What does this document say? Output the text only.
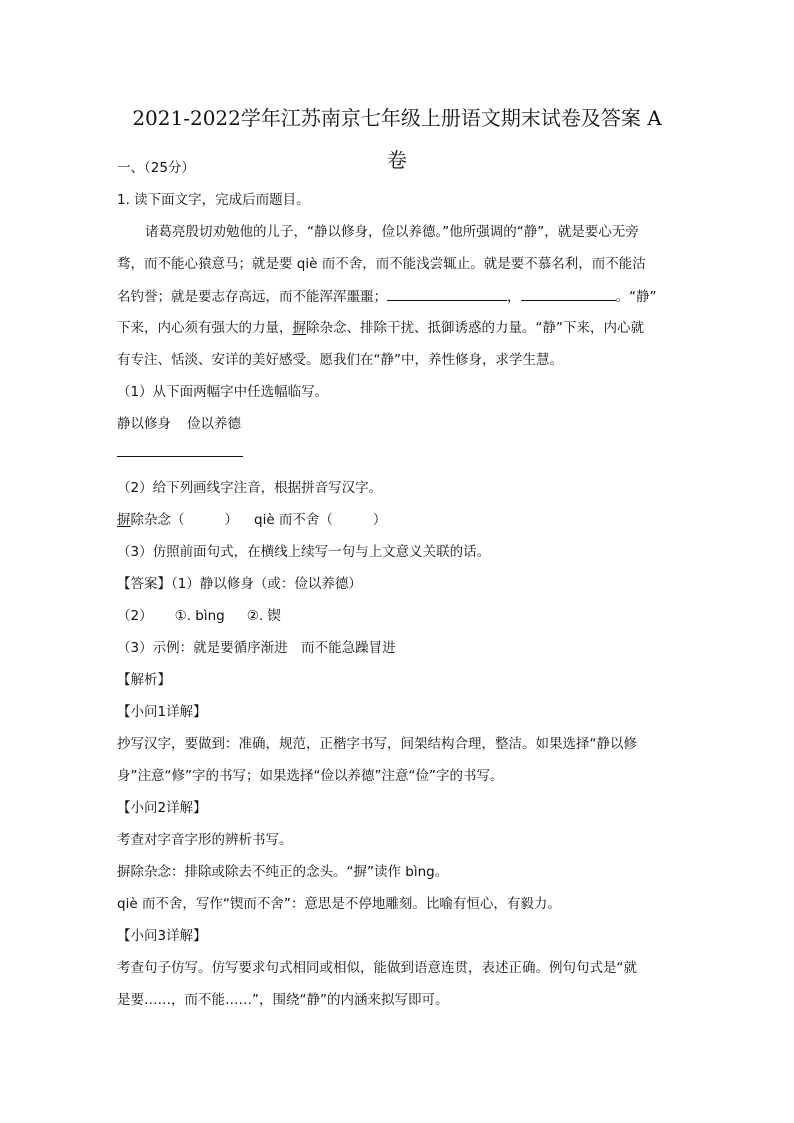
2021-2022学年江苏南京七年级上册语文期末试卷及答案 A
卷
一、（25分）
1. 读下面文字，完成后而题目。
诸葛亮殷切劝勉他的儿子，“静以修身，俭以养德。”他所强调的“静”，就是要心无旁
骛，而不能心猿意马；就是要 qiè 而不舍，而不能浅尝辄止。就是要不慕名利，而不能沽
名钓誉；就是要志存高远，而不能浑浑噩噩；	，	。“静”
下来，内心须有强大的力量，摒除杂念、排除干扰、抵御诱惑的力量。“静”下来，内心就
有专注、恬淡、安详的美好感受。愿我们在“静”中，养性修身，求学生慧。
（1）从下面两幅字中任选幅临写。
静以修身 俭以养德
（2）给下列画线字注音，根据拼音写汉字。
摒除杂念（	） qiè 而不舍（	）
（3）仿照前面句式，在横线上续写一句与上文意义关联的话。
【答案】（1）静以修身（或：俭以养德）
（2） ①. bìng ②. 锲
（3）示例：就是要循序渐进　而不能急躁冒进
【解析】
【小问1详解】
抄写汉字，要做到：准确，规范，正楷字书写，间架结构合理，整洁。如果选择“静以修
身”注意“修”字的书写；如果选择“俭以养德”注意“俭”字的书写。
【小问2详解】
考查对字音字形的辨析书写。
摒除杂念：排除或除去不纯正的念头。“摒”读作 bìng。
qiè 而不舍，写作“锲而不舍”：意思是不停地雕刻。比喻有恒心，有毅力。
【小问3详解】
考查句子仿写。仿写要求句式相同或相似，能做到语意连贯，表述正确。例句句式是“就
是要……，而不能……”，围绕“静”的内涵来拟写即可。
